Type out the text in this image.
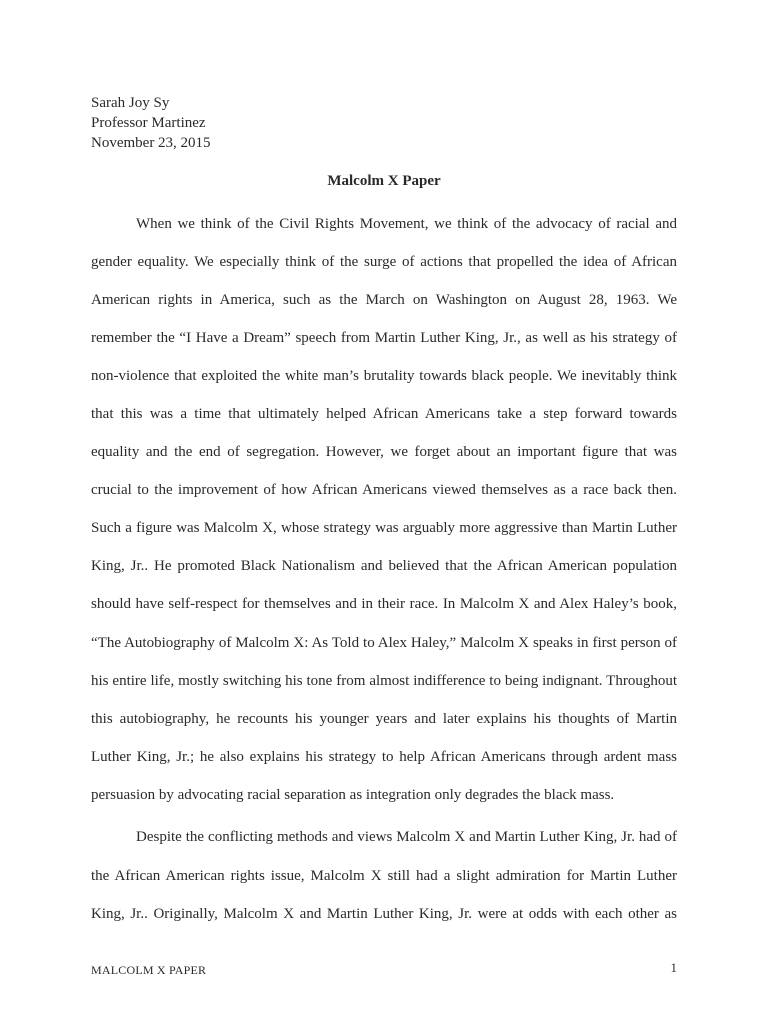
Sarah Joy Sy
Professor Martinez
November 23, 2015
Malcolm X Paper
When we think of the Civil Rights Movement, we think of the advocacy of racial and
gender equality. We especially think of the surge of actions that propelled the idea of African
American rights in America, such as the March on Washington on August 28, 1963. We
remember the “I Have a Dream” speech from Martin Luther King, Jr., as well as his strategy of
non-violence that exploited the white man’s brutality towards black people. We inevitably think
that this was a time that ultimately helped African Americans take a step forward towards
equality and the end of segregation. However, we forget about an important figure that was
crucial to the improvement of how African Americans viewed themselves as a race back then.
Such a figure was Malcolm X, whose strategy was arguably more aggressive than Martin Luther
King, Jr.. He promoted Black Nationalism and believed that the African American population
should have self-respect for themselves and in their race. In Malcolm X and Alex Haley’s book,
“The Autobiography of Malcolm X: As Told to Alex Haley,” Malcolm X speaks in first person of
his entire life, mostly switching his tone from almost indifference to being indignant. Throughout
this autobiography, he recounts his younger years and later explains his thoughts of Martin
Luther King, Jr.; he also explains his strategy to help African Americans through ardent mass
persuasion by advocating racial separation as integration only degrades the black mass.
Despite the conflicting methods and views Malcolm X and Martin Luther King, Jr. had of
the African American rights issue, Malcolm X still had a slight admiration for Martin Luther
King, Jr.. Originally, Malcolm X and Martin Luther King, Jr. were at odds with each other as
MALCOLM X PAPER	1
